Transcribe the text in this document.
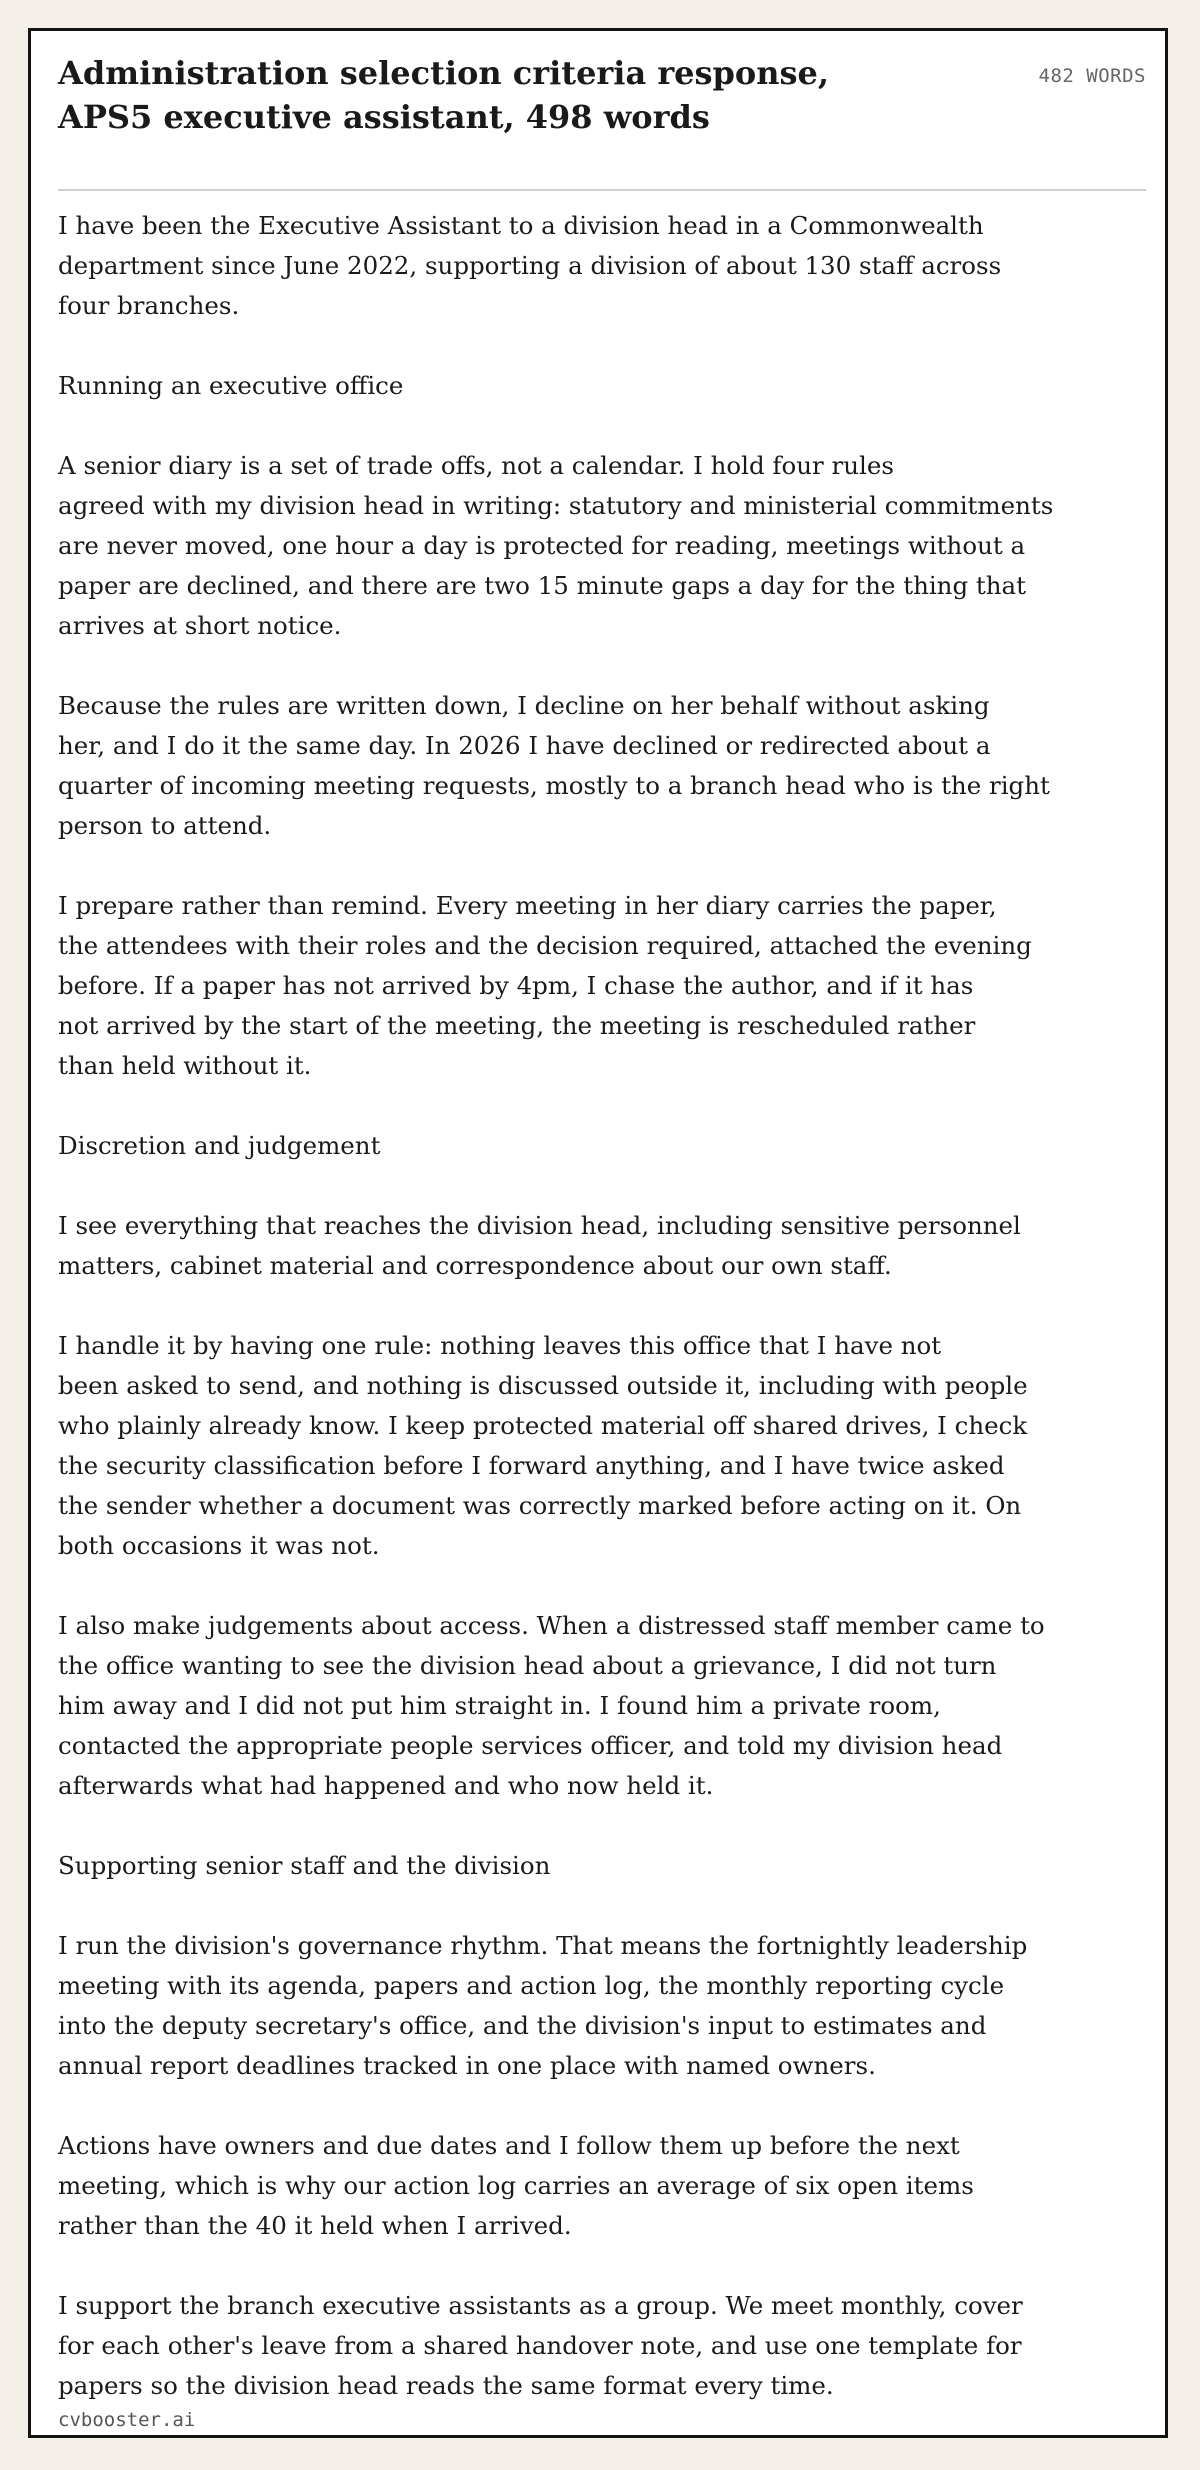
Administration selection criteria response,
APS5 executive assistant, 498 words
482 WORDS
I have been the Executive Assistant to a division head in a Commonwealth
department since June 2022, supporting a division of about 130 staff across
four branches.
Running an executive office
A senior diary is a set of trade offs, not a calendar. I hold four rules
agreed with my division head in writing: statutory and ministerial commitments
are never moved, one hour a day is protected for reading, meetings without a
paper are declined, and there are two 15 minute gaps a day for the thing that
arrives at short notice.
Because the rules are written down, I decline on her behalf without asking
her, and I do it the same day. In 2026 I have declined or redirected about a
quarter of incoming meeting requests, mostly to a branch head who is the right
person to attend.
I prepare rather than remind. Every meeting in her diary carries the paper,
the attendees with their roles and the decision required, attached the evening
before. If a paper has not arrived by 4pm, I chase the author, and if it has
not arrived by the start of the meeting, the meeting is rescheduled rather
than held without it.
Discretion and judgement
I see everything that reaches the division head, including sensitive personnel
matters, cabinet material and correspondence about our own staff.
I handle it by having one rule: nothing leaves this office that I have not
been asked to send, and nothing is discussed outside it, including with people
who plainly already know. I keep protected material off shared drives, I check
the security classification before I forward anything, and I have twice asked
the sender whether a document was correctly marked before acting on it. On
both occasions it was not.
I also make judgements about access. When a distressed staff member came to
the office wanting to see the division head about a grievance, I did not turn
him away and I did not put him straight in. I found him a private room,
contacted the appropriate people services officer, and told my division head
afterwards what had happened and who now held it.
Supporting senior staff and the division
I run the division's governance rhythm. That means the fortnightly leadership
meeting with its agenda, papers and action log, the monthly reporting cycle
into the deputy secretary's office, and the division's input to estimates and
annual report deadlines tracked in one place with named owners.
Actions have owners and due dates and I follow them up before the next
meeting, which is why our action log carries an average of six open items
rather than the 40 it held when I arrived.
I support the branch executive assistants as a group. We meet monthly, cover
for each other's leave from a shared handover note, and use one template for
papers so the division head reads the same format every time.
cvbooster.ai
